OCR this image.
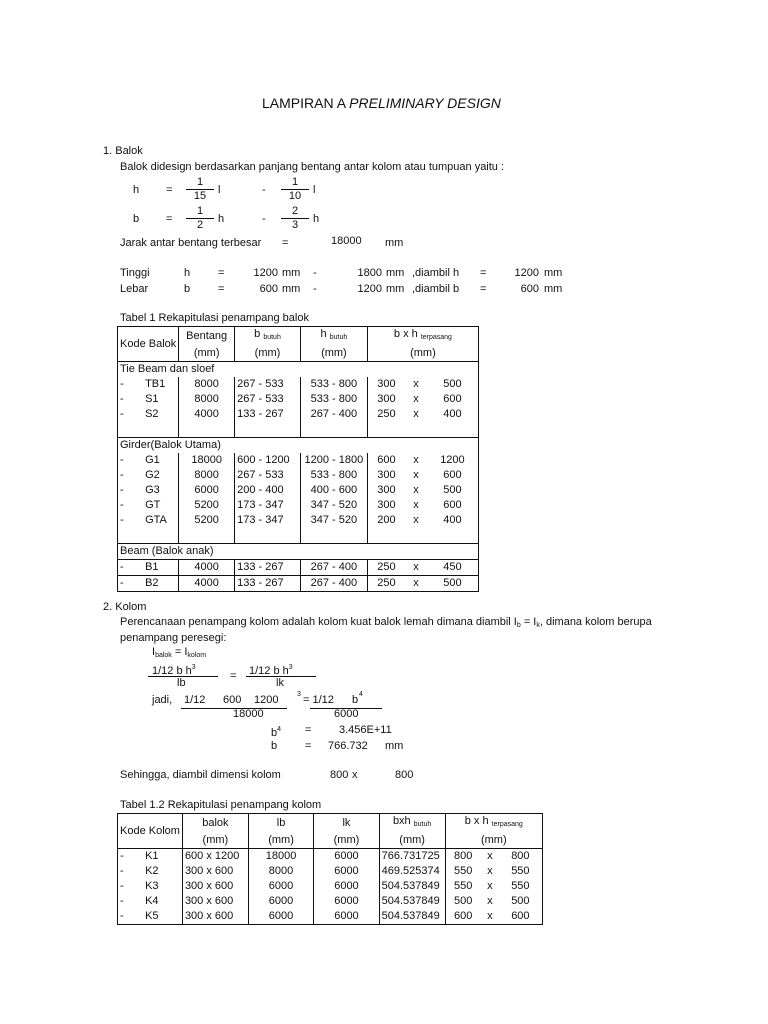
LAMPIRAN A PRELIMINARY DESIGN
1. Balok
Balok didesign berdasarkan panjang bentang antar kolom atau tumpuan yaitu :
$h = \frac{1}{15}$ l	- $\frac{1}{10}$ l
$b = \frac{1}{2}$ h	- $\frac{2}{3}$ h
Jarak antar bentang terbesar =	18000 mm
Tinggi	h	=	1200 mm -	1800 mm ,diambil h =	1200 mm
Lebar	b	=	600 mm -	1200 mm ,diambil b =	600 mm
Tabel 1 Rekapitulasi penampang balok
Kode Balok	Bentang	b $_{butuh}$	h $_{butuh}$	b x h $_{terpasang}$
	(mm)	(mm)	(mm)	(mm)		
Tie Beam dan sloef						
- TB1	8000	267 - 533	533 - 800	300	x	500
- S1	8000	267 - 533	533 - 800	300	x	600
- S2	4000	133 - 267	267 - 400	250	x	400

Girder(Balok Utama)						
- G1	18000	600 - 1200	1200 - 1800	600	x	1200
- G2	8000	267 - 533	533 - 800	300	x	600
- G3	6000	200 - 400	400 - 600	300	x	500
- GT	5200	173 - 347	347 - 520	300	x	600
- GTA	5200	173 - 347	347 - 520	200	x	400

Beam (Balok anak)						
- B1	4000	133 - 267	267 - 400	250	x	450
- B2	4000	133 - 267	267 - 400	250	x	500
2. Kolom
Perencanaan penampang kolom adalah kolom kuat balok lemah dimana diambil $I_b = I_k$, dimana kolom berupa
penampang peresegi:
$I_{balok} = I_{kolom}$
1/12 b $h^3$
lb
= 1/12 b $h^3$
lk
jadi, 1/12 600 1200	3 = 1/12 b 4
18000	6000
$b^4$ =	3.456E+11
b	= 766.732 mm
Sehingga, diambil dimensi kolom	800 x	800
Tabel 1.2 Rekapitulasi penampang kolom
Kode Kolom	balok	lb	lk	bxh $_{butuh}$	b x h $_{terpasang}$
	(mm)	(mm)	(mm)	(mm)	(mm)		
- K1	600 x 1200	18000	6000	766.731725	800	x	800
- K2	300 x 600	8000	6000	469.525374	550	x	550
- K3	300 x 600	6000	6000	504.537849	550	x	550
- K4	300 x 600	6000	6000	504.537849	500	x	500
- K5	300 x 600	6000	6000	504.537849	600	x	600
